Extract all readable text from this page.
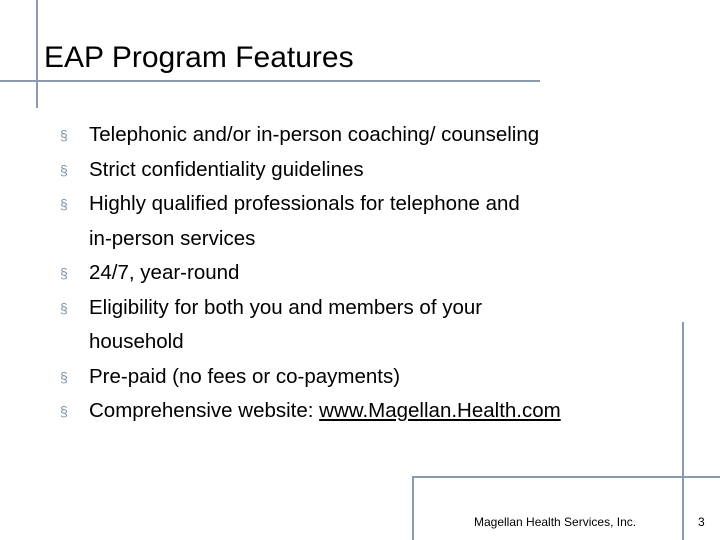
EAP Program Features
§ Telephonic and/or in-person coaching/ counseling
§ Strict confidentiality guidelines
§ Highly qualified professionals for telephone and
in-person services
§ 24/7, year-round
§ Eligibility for both you and members of your
household
§ Pre-paid (no fees or co-payments)
§ Comprehensive website: www.Magellan.Health.com
Magellan Health Services, Inc.	3
